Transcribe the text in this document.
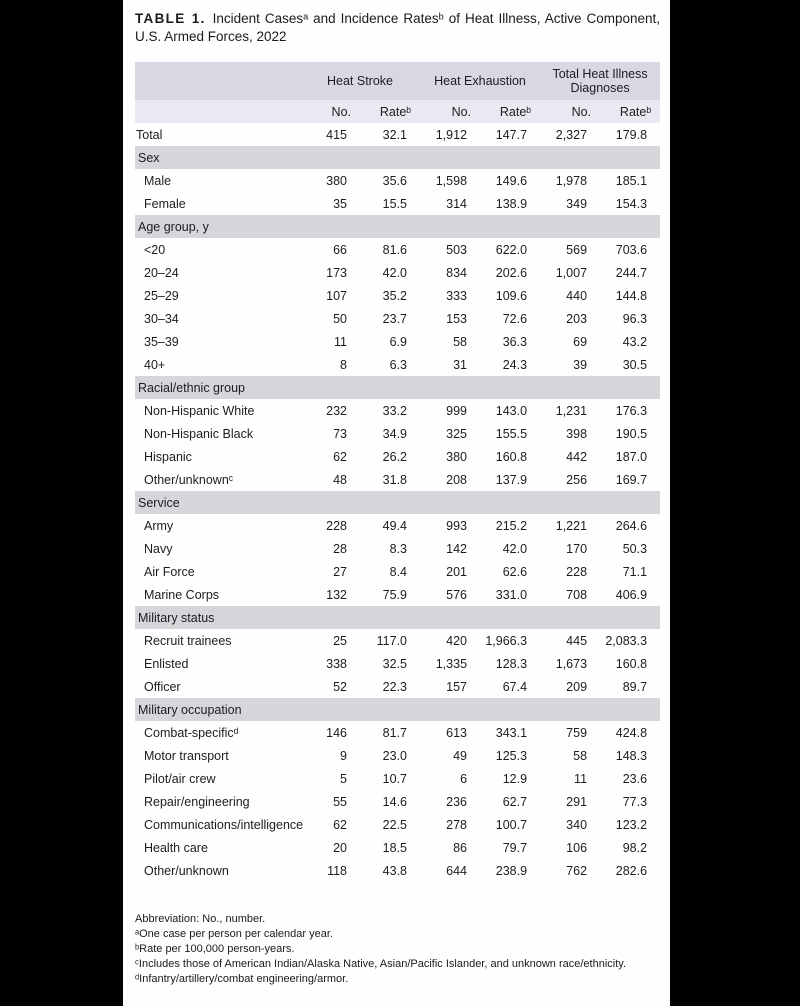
TABLE 1. Incident Casesᵃ and Incidence Ratesᵇ of Heat Illness, Active Component, U.S. Armed Forces, 2022

	Heat Stroke		Heat Exhaustion		Total Heat Illness Diagnoses	
	No.	Rateᵇ	No.	Rateᵇ	No.	Rateᵇ
Total	415	32.1	1,912	147.7	2,327	179.8
Sex						
Male	380	35.6	1,598	149.6	1,978	185.1
Female	35	15.5	314	138.9	349	154.3
Age group, y						
<20	66	81.6	503	622.0	569	703.6
20–24	173	42.0	834	202.6	1,007	244.7
25–29	107	35.2	333	109.6	440	144.8
30–34	50	23.7	153	72.6	203	96.3
35–39	11	6.9	58	36.3	69	43.2
40+	8	6.3	31	24.3	39	30.5
Racial/ethnic group						
Non-Hispanic White	232	33.2	999	143.0	1,231	176.3
Non-Hispanic Black	73	34.9	325	155.5	398	190.5
Hispanic	62	26.2	380	160.8	442	187.0
Other/unknownᶜ	48	31.8	208	137.9	256	169.7
Service						
Army	228	49.4	993	215.2	1,221	264.6
Navy	28	8.3	142	42.0	170	50.3
Air Force	27	8.4	201	62.6	228	71.1
Marine Corps	132	75.9	576	331.0	708	406.9
Military status						
Recruit trainees	25	117.0	420	1,966.3	445	2,083.3
Enlisted	338	32.5	1,335	128.3	1,673	160.8
Officer	52	22.3	157	67.4	209	89.7
Military occupation						
Combat-specificᵈ	146	81.7	613	343.1	759	424.8
Motor transport	9	23.0	49	125.3	58	148.3
Pilot/air crew	5	10.7	6	12.9	11	23.6
Repair/engineering	55	14.6	236	62.7	291	77.3
Communications/intelligence	62	22.5	278	100.7	340	123.2
Health care	20	18.5	86	79.7	106	98.2
Other/unknown	118	43.8	644	238.9	762	282.6

Abbreviation: No., number.

ᵃOne case per person per calendar year.

ᵇRate per 100,000 person-years.

ᶜIncludes those of American Indian/Alaska Native, Asian/Pacific Islander, and unknown race/ethnicity.

ᵈInfantry/artillery/combat engineering/armor.
